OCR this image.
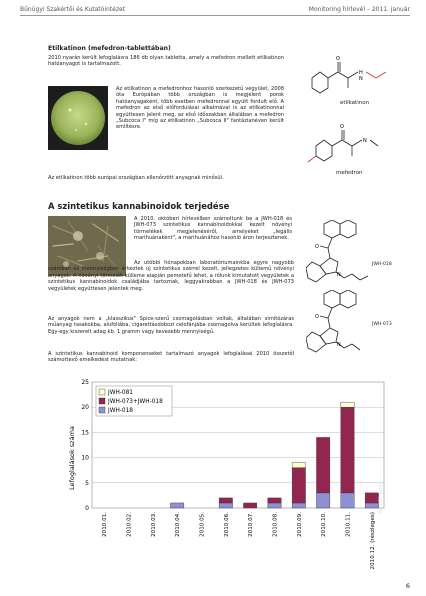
Bűnügyi Szakértői és Kutatóintézet	Monitoring hírlevél – 2011. január
Etilkatinon (mefedron-tablettában)

2010 nyarán került lefoglalásra 186 db olyan tabletta, amely a mefedron mellett etilkatinon hatóanyagot is tartalmazott.

Az etilkatinon a mefedronhoz hasonló szerkezetű vegyület, 2008 óta Európában több országban is megjelent porok hatóanyagaként, több esetben mefedronnal együtt fordult elő. A mefedron az első előfordulásai alkalmával is az etilkatinonnal együttesen jelent meg, az első időszakban általában a mefedron „Subcoca I" míg az etilkatinon „Subcoca II" fantázianéven került említésre.

Az etilkatinon több európai országban ellenőrzött anyagnak minősül.

O
H
N
etilkatinon
O
N
mefedron
A szintetikus kannabinoidok terjedése

A 2010. októberi hírlevélben számoltunk be a JWH-018 és JWH-073 szintetikus kannabinoidokkal kezelt növényi törmelékek megjelenéséről, amelyeket „legális marihuánaként", a marihuánához hasonló áron terjesztenek.

Az utóbbi hónapokban laboratóriumainkba egyre nagyobb számban és mennyiségben érkeztek új szintetikus szerrel kezelt, jellegzetes küllemű növényi anyagok. A növényi törmelék külleme alapján pemetefű lehet, a rólunk kimutatott vegyületek a szintetikus kannabinoidok családjába tartoznak, leggyakrabban a JWH-018 és JWH-073 vegyületek együttesen jelentek meg.

Az anyagok nem a „klasszikus" Spice-szerű csomagolásban voltak, általában simítózáras műanyag tasakokba, alufóliába, cigarettásdobozi celofánjába csomagolva kerültek lefoglalásra. Egy-egy kiszerelt adag kb. 1 gramm vagy kevesebb mennyiségű.

A szintetikus kannabinoid komponenseket tartalmazó anyagok lefoglalásai 2010 összetől számottevő emelkedést mutatnak:

O
N
JWH-018
O
N
JWH-073
0
5
10
15
20
25
2010.01.	2010.02.	2010.03.	2010.04.	2010.05.	2010.06.	2010.07.	2010.08.	2010.09.	2010.10.	2010.11.	2010.12. (részleges)
Lefoglalások száma
becsült érték
JWH-081
JWH-073+JWH-018
JWH-018
6
